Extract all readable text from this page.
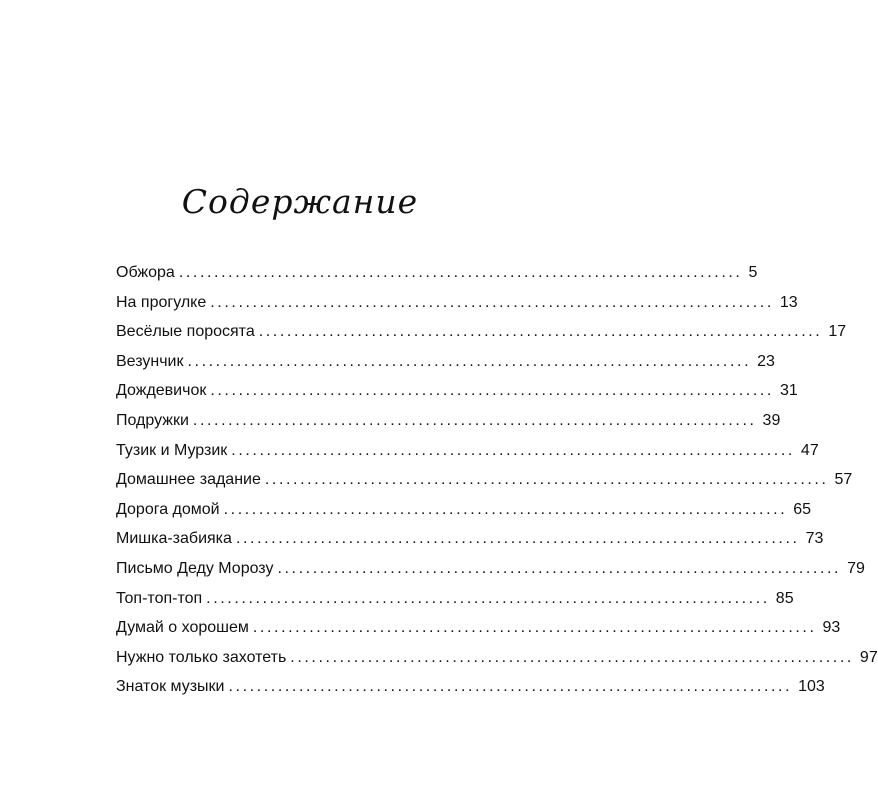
Содержание
Обжора ................................................................................ 5
На прогулке ................................................................................ 13
Весёлые поросята ................................................................................ 17
Везунчик ................................................................................ 23
Дождевичок ................................................................................ 31
Подружки ................................................................................ 39
Тузик и Мурзик ................................................................................ 47
Домашнее задание ................................................................................ 57
Дорога домой ................................................................................ 65
Мишка-забияка ................................................................................ 73
Письмо Деду Морозу ................................................................................ 79
Топ-топ-топ ................................................................................ 85
Думай о хорошем ................................................................................ 93
Нужно только захотеть ................................................................................ 97
Знаток музыки ................................................................................ 103
